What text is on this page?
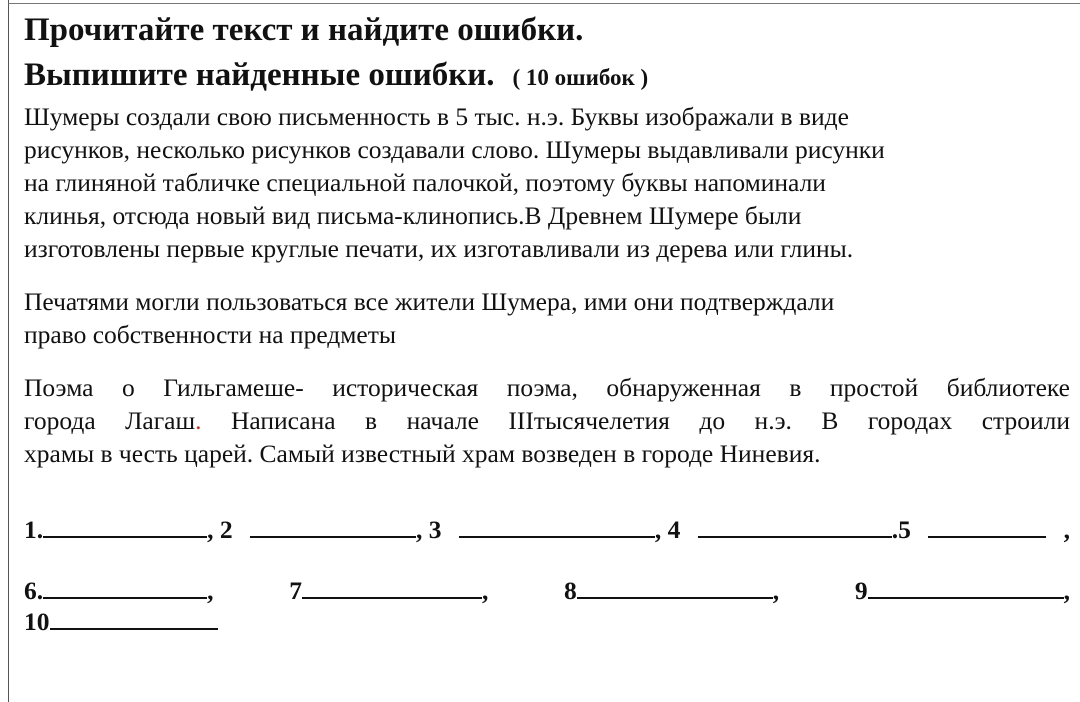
Прочитайте текст и найдите ошибки.
Выпишите найденные ошибки. ( 10 ошибок )

Шумеры создали свою письменность в 5 тыс. н.э. Буквы изображали в виде
рисунков, несколько рисунков создавали слово. Шумеры выдавливали рисунки
на глиняной табличке специальной палочкой, поэтому буквы напоминали
клинья, отсюда новый вид письма-клинопись.В Древнем Шумере были
изготовлены первые круглые печати, их изготавливали из дерева или глины.

Печатями могли пользоваться все жители Шумера, ими они подтверждали
право собственности на предметы

Поэма о Гильгамеше- историческая поэма, обнаруженная в простой библиотеке
города Лагаш. Написана в начале IIIтысячелетия до н.э. В городах строили
храмы в честь царей. Самый известный храм возведен в городе Ниневия.

1.	, 2	, 3	, 4	.5	,
6.	,	7	,	8	,	9	,
10
